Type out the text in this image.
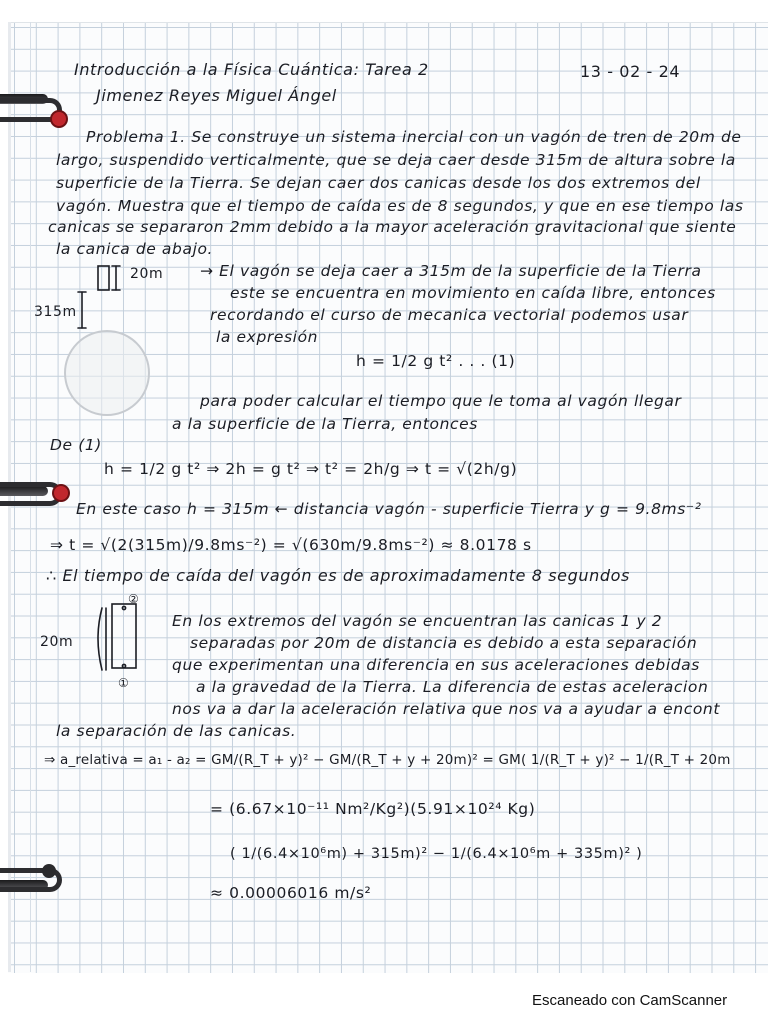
Introducción a la Física Cuántica: Tarea 2
Jimenez Reyes Miguel Ángel
13 - 02 - 24
Problema 1. Se construye un sistema inercial con un vagón de tren de 20m de
largo, suspendido verticalmente, que se deja caer desde 315m de altura sobre la
superficie de la Tierra. Se dejan caer dos canicas desde los dos extremos del
vagón. Muestra que el tiempo de caída es de 8 segundos, y que en ese tiempo las
canicas se separaron 2mm debido a la mayor aceleración gravitacional que siente
la canica de abajo.
20m
315m
→ El vagón se deja caer a 315m de la superficie de la Tierra
este se encuentra en movimiento en caída libre, entonces
recordando el curso de mecanica vectorial podemos usar
la expresión
h = 1/2 g t² . . . (1)
para poder calcular el tiempo que le toma al vagón llegar
a la superficie de la Tierra, entonces
De (1)
h = 1/2 g t² ⇒ 2h = g t² ⇒ t² = 2h/g ⇒ t = √(2h/g)
En este caso h = 315m ← distancia vagón - superficie Tierra y g = 9.8ms⁻²
⇒ t = √(2(315m)/9.8ms⁻²) = √(630m/9.8ms⁻²) ≈ 8.0178 s
∴ El tiempo de caída del vagón es de aproximadamente 8 segundos
②
①
20m
En los extremos del vagón se encuentran las canicas 1 y 2
separadas por 20m de distancia es debido a esta separación
que experimentan una diferencia en sus aceleraciones debidas
a la gravedad de la Tierra. La diferencia de estas aceleracion
nos va a dar la aceleración relativa que nos va a ayudar a encont
la separación de las canicas.
⇒ a_relativa = a₁ - a₂ = GM/(R_T + y)² − GM/(R_T + y + 20m)² = GM( 1/(R_T + y)² − 1/(R_T + 20m
= (6.67×10⁻¹¹ Nm²/Kg²)(5.91×10²⁴ Kg)
( 1/(6.4×10⁶m) + 315m)² − 1/(6.4×10⁶m + 335m)² )
≈ 0.00006016 m/s²
Escaneado con CamScanner
